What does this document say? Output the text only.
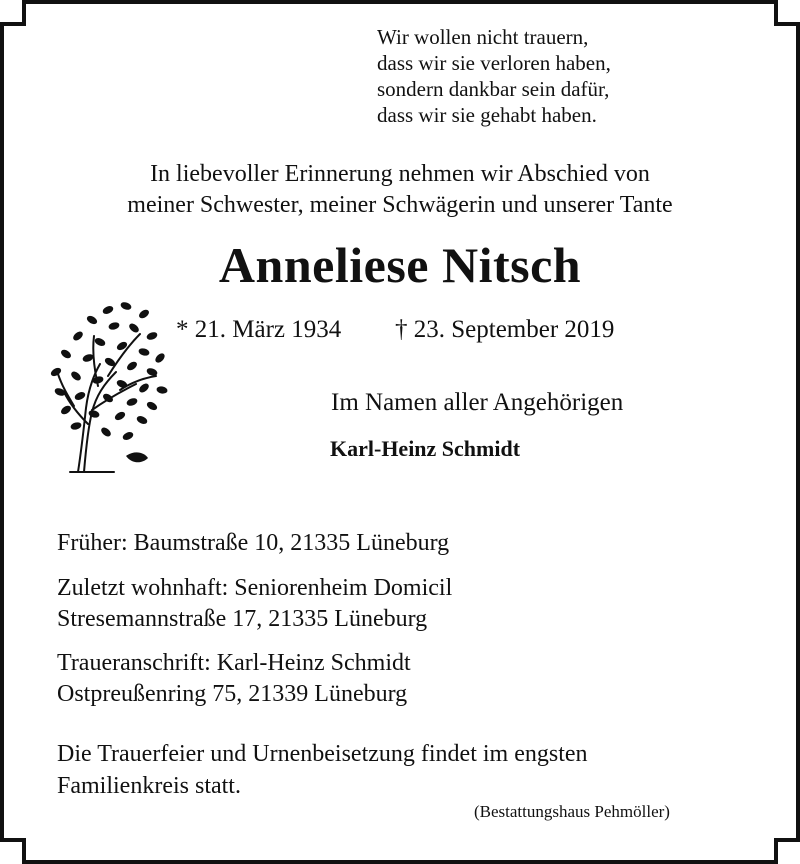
Wir wollen nicht trauern,
dass wir sie verloren haben,
sondern dankbar sein dafür,
dass wir sie gehabt haben.
In liebevoller Erinnerung nehmen wir Abschied von
meiner Schwester, meiner Schwägerin und unserer Tante
Anneliese Nitsch
* 21. März 1934 † 23. September 2019
Im Namen aller Angehörigen
Karl-Heinz Schmidt
Früher: Baumstraße 10, 21335 Lüneburg
Zuletzt wohnhaft: Seniorenheim Domicil
Stresemannstraße 17, 21335 Lüneburg
Traueranschrift: Karl-Heinz Schmidt
Ostpreußenring 75, 21339 Lüneburg
Die Trauerfeier und Urnenbeisetzung findet im engsten
Familienkreis statt.
(Bestattungshaus Pehmöller)
